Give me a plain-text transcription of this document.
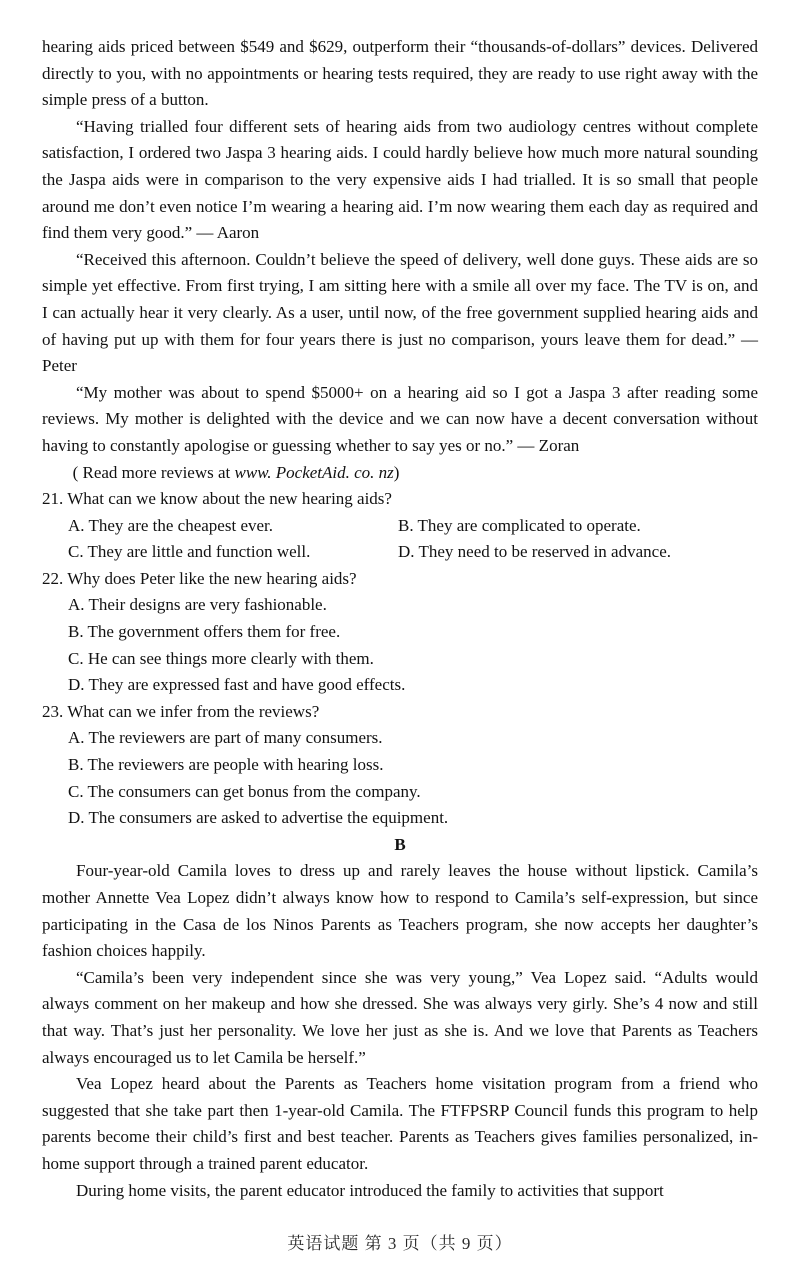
hearing aids priced between $549 and $629, outperform their “thousands-of-dollars” devices. Delivered directly to you, with no appointments or hearing tests required, they are ready to use right away with the simple press of a button.

“Having trialled four different sets of hearing aids from two audiology centres without complete satisfaction, I ordered two Jaspa 3 hearing aids. I could hardly believe how much more natural sounding the Jaspa aids were in comparison to the very expensive aids I had trialled. It is so small that people around me don’t even notice I’m wearing a hearing aid. I’m now wearing them each day as required and find them very good.” — Aaron

“Received this afternoon. Couldn’t believe the speed of delivery, well done guys. These aids are so simple yet effective. From first trying, I am sitting here with a smile all over my face. The TV is on, and I can actually hear it very clearly. As a user, until now, of the free government supplied hearing aids and of having put up with them for four years there is just no comparison, yours leave them for dead.” — Peter

“My mother was about to spend $5000+ on a hearing aid so I got a Jaspa 3 after reading some reviews. My mother is delighted with the device and we can now have a decent conversation without having to constantly apologise or guessing whether to say yes or no.” — Zoran

( Read more reviews at www. PocketAid. co. nz)

21. What can we know about the new hearing aids?

A. They are the cheapest ever.	B. They are complicated to operate.
C. They are little and function well.	D. They need to be reserved in advance.

22. Why does Peter like the new hearing aids?

A. Their designs are very fashionable.

B. The government offers them for free.

C. He can see things more clearly with them.

D. They are expressed fast and have good effects.

23. What can we infer from the reviews?

A. The reviewers are part of many consumers.

B. The reviewers are people with hearing loss.

C. The consumers can get bonus from the company.

D. The consumers are asked to advertise the equipment.

B

Four-year-old Camila loves to dress up and rarely leaves the house without lipstick. Camila’s mother Annette Vea Lopez didn’t always know how to respond to Camila’s self-expression, but since participating in the Casa de los Ninos Parents as Teachers program, she now accepts her daughter’s fashion choices happily.

“Camila’s been very independent since she was very young,” Vea Lopez said. “Adults would always comment on her makeup and how she dressed. She was always very girly. She’s 4 now and still that way. That’s just her personality. We love her just as she is. And we love that Parents as Teachers always encouraged us to let Camila be herself.”

Vea Lopez heard about the Parents as Teachers home visitation program from a friend who suggested that she take part then 1-year-old Camila. The FTFPSRP Council funds this program to help parents become their child’s first and best teacher. Parents as Teachers gives families personalized, in-home support through a trained parent educator.

During home visits, the parent educator introduced the family to activities that support

英语试题 第 3 页（共 9 页）
